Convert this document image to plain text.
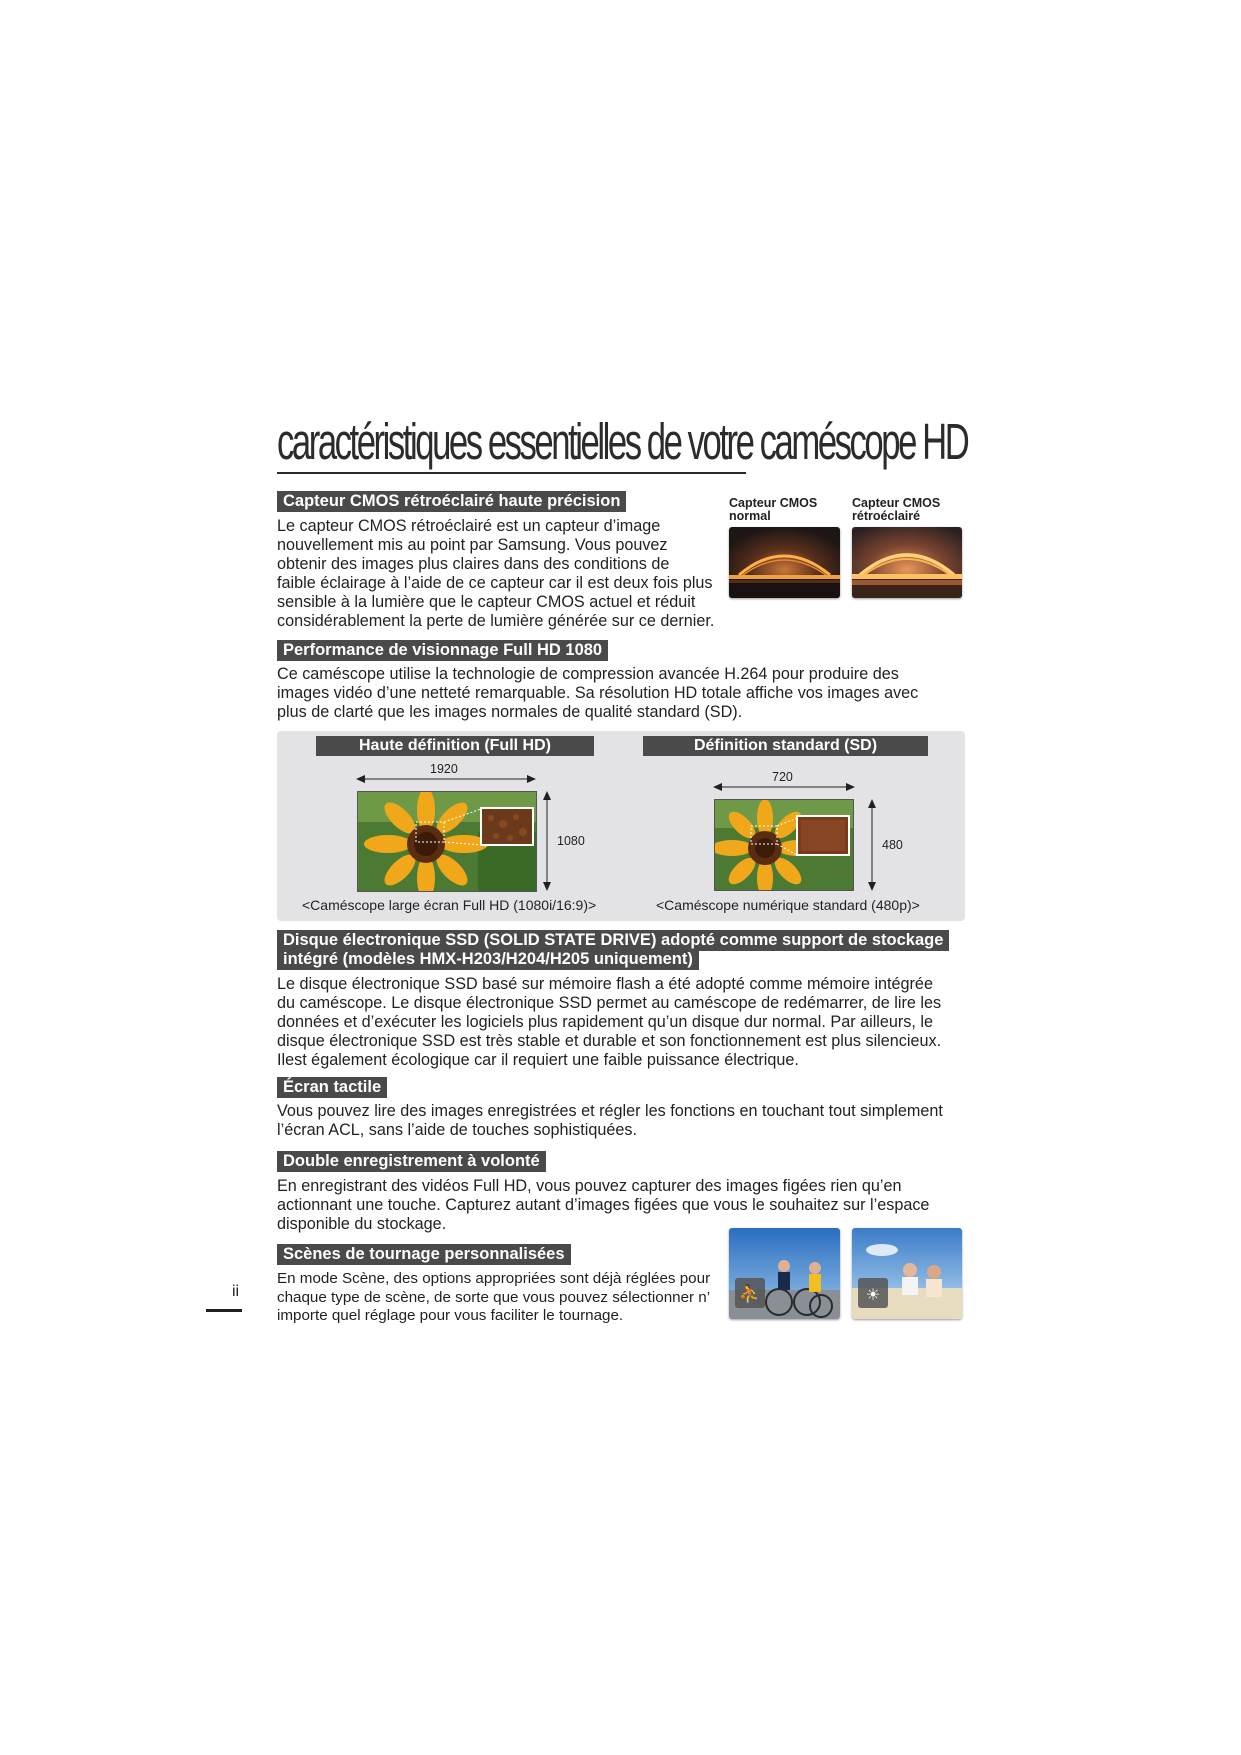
caractéristiques essentielles de votre caméscope HD
Capteur CMOS rétroéclairé haute précision
Le capteur CMOS rétroéclairé est un capteur d’image
nouvellement mis au point par Samsung. Vous pouvez
obtenir des images plus claires dans des conditions de
faible éclairage à l’aide de ce capteur car il est deux fois plus
sensible à la lumière que le capteur CMOS actuel et réduit
considérablement la perte de lumière générée sur ce dernier.
Capteur CMOS
normal
Capteur CMOS
rétroéclairé
Performance de visionnage Full HD 1080
Ce caméscope utilise la technologie de compression avancée H.264 pour produire des
images vidéo d’une netteté remarquable. Sa résolution HD totale affiche vos images avec
plus de clarté que les images normales de qualité standard (SD).
Haute définition (Full HD)
1920
1080
<Caméscope large écran Full HD (1080i/16:9)>
Définition standard (SD)
720
480
<Caméscope numérique standard (480p)>
Disque électronique SSD (SOLID STATE DRIVE) adopté comme support de stockage
intégré (modèles HMX-H203/H204/H205 uniquement)
Le disque électronique SSD basé sur mémoire flash a été adopté comme mémoire intégrée
du caméscope. Le disque électronique SSD permet au caméscope de redémarrer, de lire les
données et d’exécuter les logiciels plus rapidement qu’un disque dur normal. Par ailleurs, le
disque électronique SSD est très stable et durable et son fonctionnement est plus silencieux.
Ilest également écologique car il requiert une faible puissance électrique.
Écran tactile
Vous pouvez lire des images enregistrées et régler les fonctions en touchant tout simplement
l’écran ACL, sans l’aide de touches sophistiquées.
Double enregistrement à volonté
En enregistrant des vidéos Full HD, vous pouvez capturer des images figées rien qu’en
actionnant une touche. Capturez autant d’images figées que vous le souhaitez sur l’espace
disponible du stockage.
Scènes de tournage personnalisées
En mode Scène, des options appropriées sont déjà réglées pour
chaque type de scène, de sorte que vous pouvez sélectionner n’
importe quel réglage pour vous faciliter le tournage.
⛹	☀
ii
